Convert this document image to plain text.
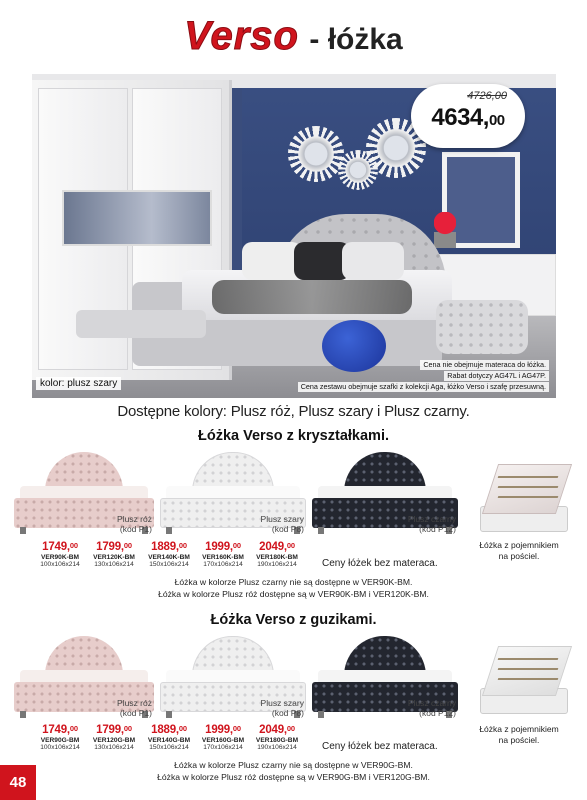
Verso - łóżka
4726,00
4634,00
Cena nie obejmuje materaca do łóżka.
Rabat dotyczy AG47L i AG47P.
Cena zestawu obejmuje szafki z kolekcji Aga, łóżko Verso i szafę przesuwną.
kolor: plusz szary
Dostępne kolory: Plusz róż, Plusz szary i Plusz czarny.
Łóżka Verso z kryształkami.
Plusz róż
(kod P1)
Plusz szary
(kod P8)
Plusz czarny
(kod P12)
Łóżka z pojemnikiem na pościel.
1749,00
VER90K-BM
100x106x214
1799,00
VER120K-BM
130x106x214
1889,00
VER140K-BM
150x106x214
1999,00
VER160K-BM
170x106x214
2049,00
VER180K-BM
190x106x214	Ceny łóżek bez materaca.
Łóżka w kolorze Plusz czarny nie są dostępne w VER90K-BM.
Łóżka w kolorze Plusz róż dostępne są w VER90K-BM i VER120K-BM.
Łóżka Verso z guzikami.
Plusz róż
(kod P1)
Plusz szary
(kod P8)
Plusz czarny
(kod P12)
Łóżka z pojemnikiem na pościel.
1749,00
VER90G-BM
100x106x214
1799,00
VER120G-BM
130x106x214
1889,00
VER140G-BM
150x106x214
1999,00
VER160G-BM
170x106x214
2049,00
VER180G-BM
190x106x214	Ceny łóżek bez materaca.
Łóżka w kolorze Plusz czarny nie są dostępne w VER90G-BM.
Łóżka w kolorze Plusz róż dostępne są w VER90G-BM i VER120G-BM.
48
